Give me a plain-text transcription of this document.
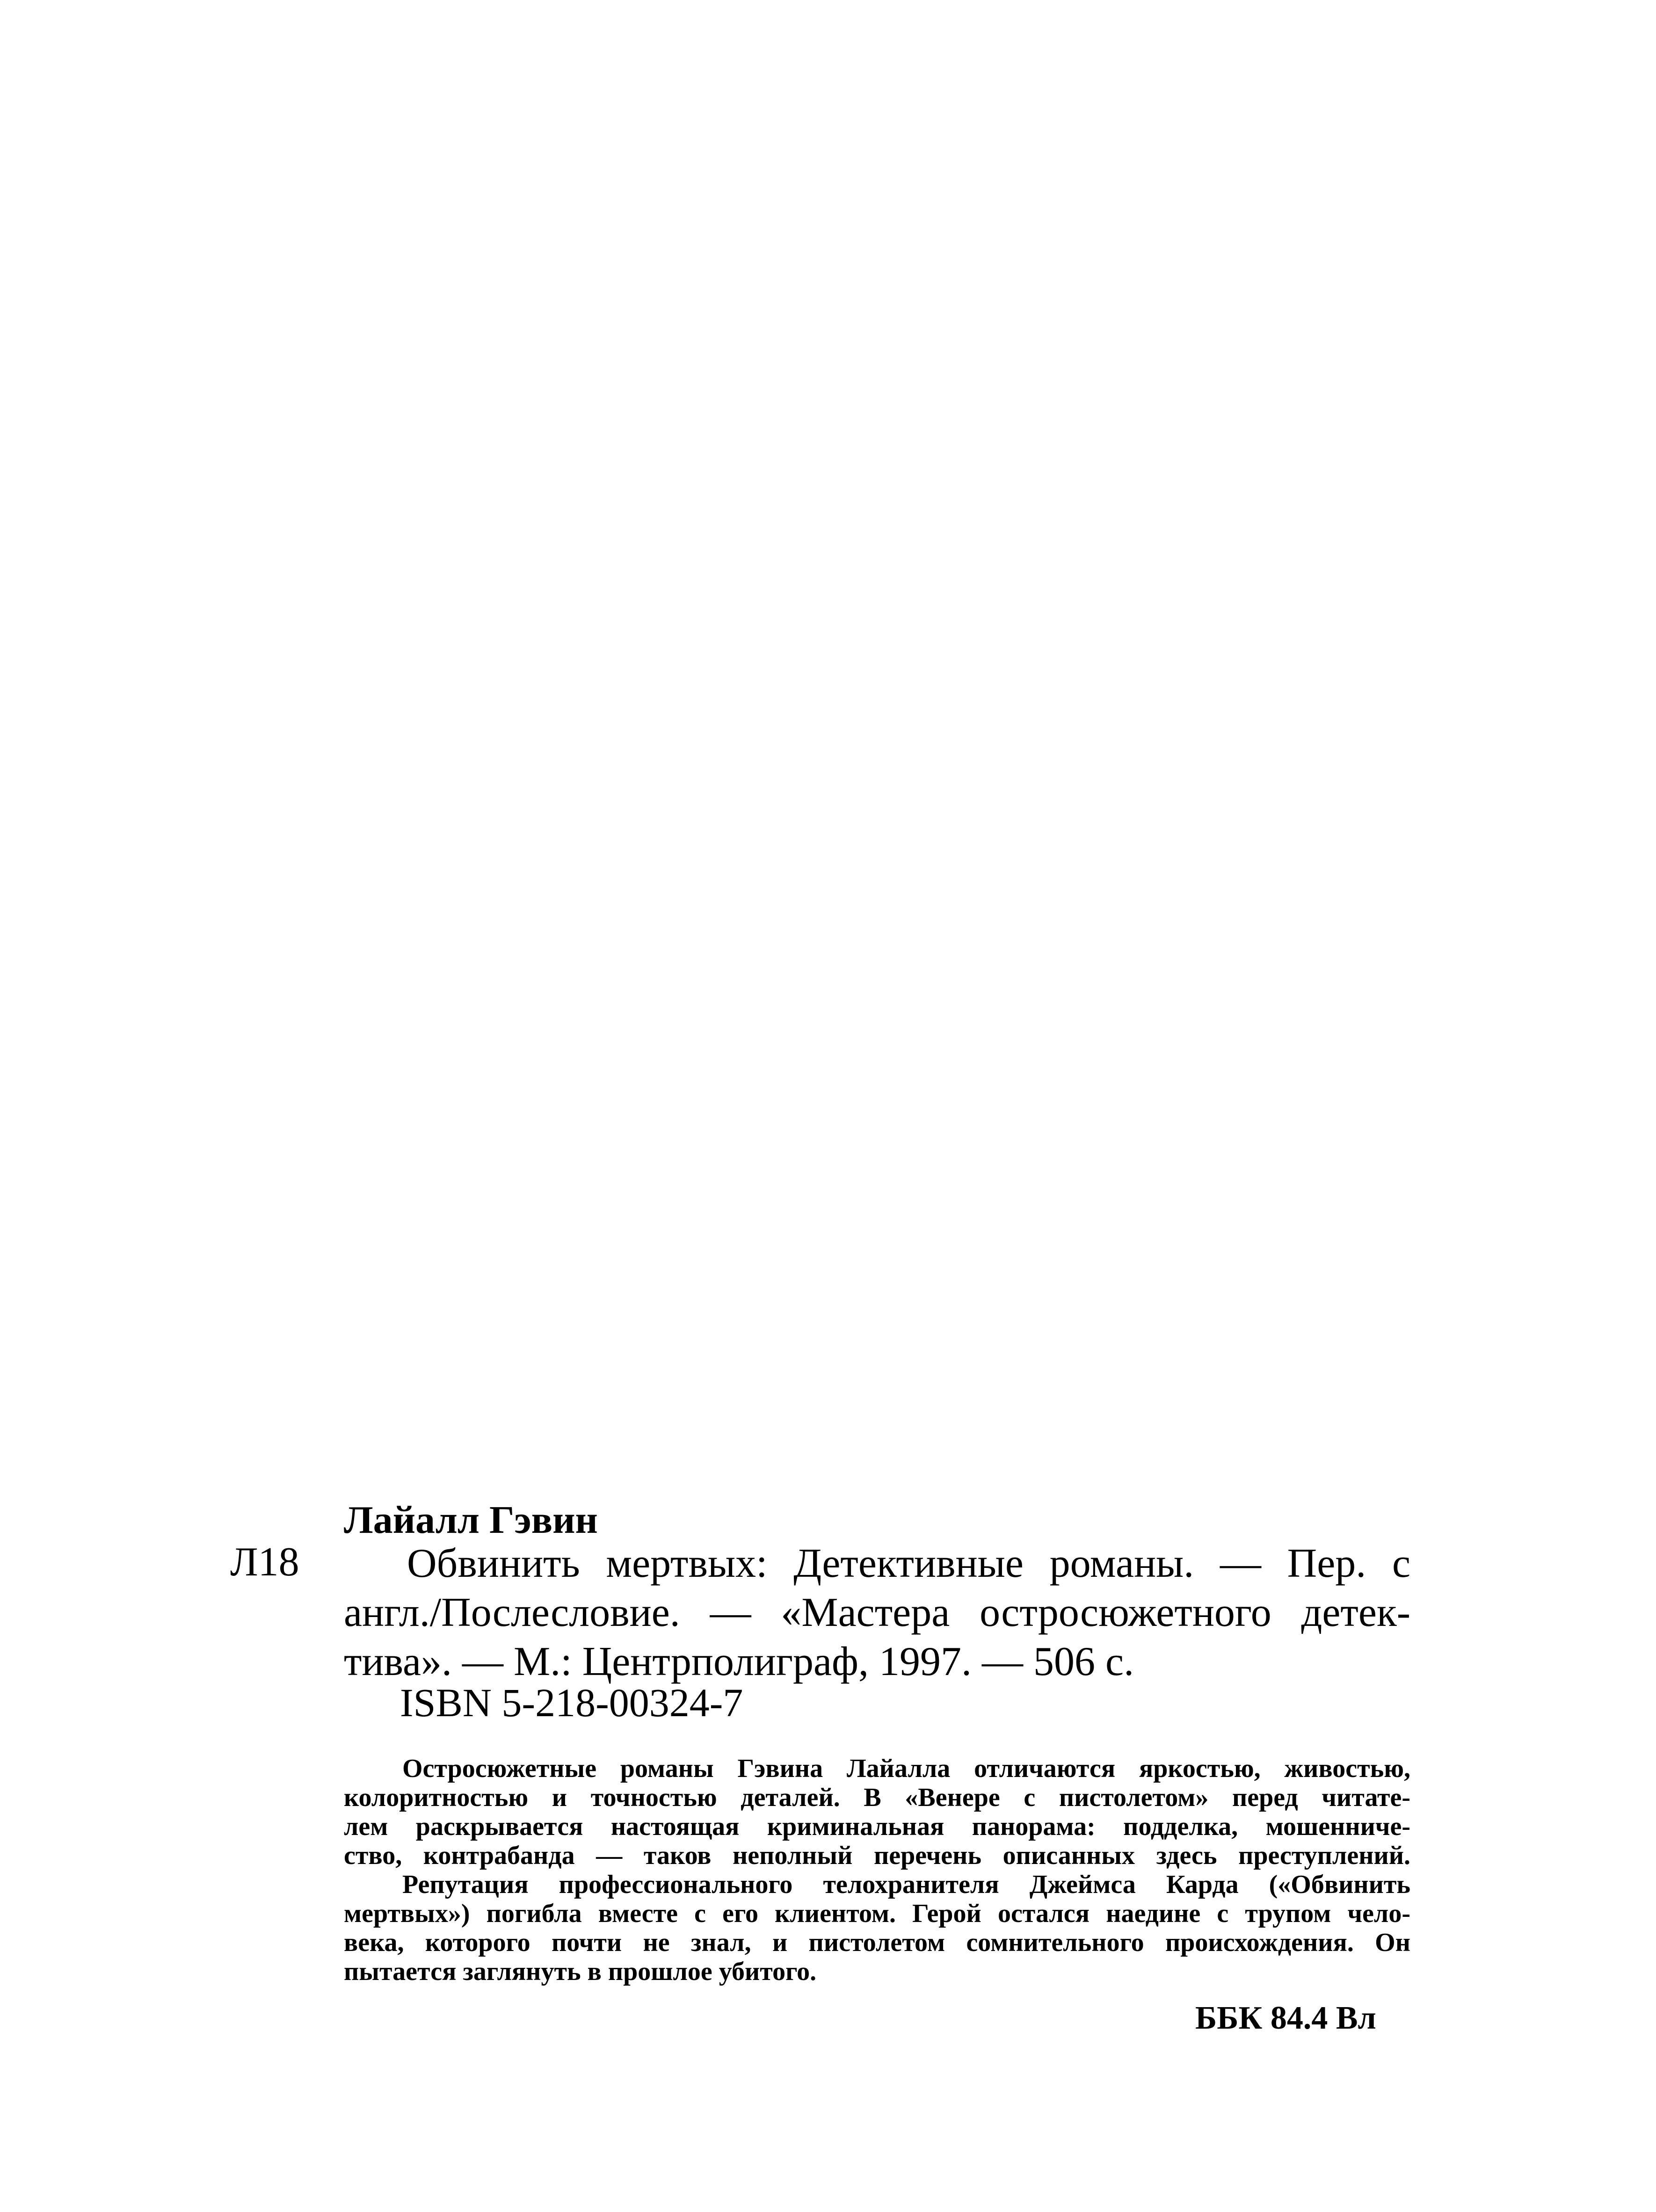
Лайалл Гэвин
Л18	Обвинить мертвых: Детективные романы. — Пер. с
англ./Послесловие. — «Мастера остросюжетного детек-
тива». — М.: Центрполиграф, 1997. — 506 с.

ISBN 5-218-00324-7

Остросюжетные романы Гэвина Лайалла отличаются яркостью, живостью,
колоритностью и точностью деталей. В «Венере с пистолетом» перед читате-
лем раскрывается настоящая криминальная панорама: подделка, мошенниче-
ство, контрабанда — таков неполный перечень описанных здесь преступлений.
Репутация профессионального телохранителя Джеймса Карда («Обвинить
мертвых») погибла вместе с его клиентом. Герой остался наедине с трупом чело-
века, которого почти не знал, и пистолетом сомнительного происхождения. Он
пытается заглянуть в прошлое убитого.

ББК 84.4 Вл
